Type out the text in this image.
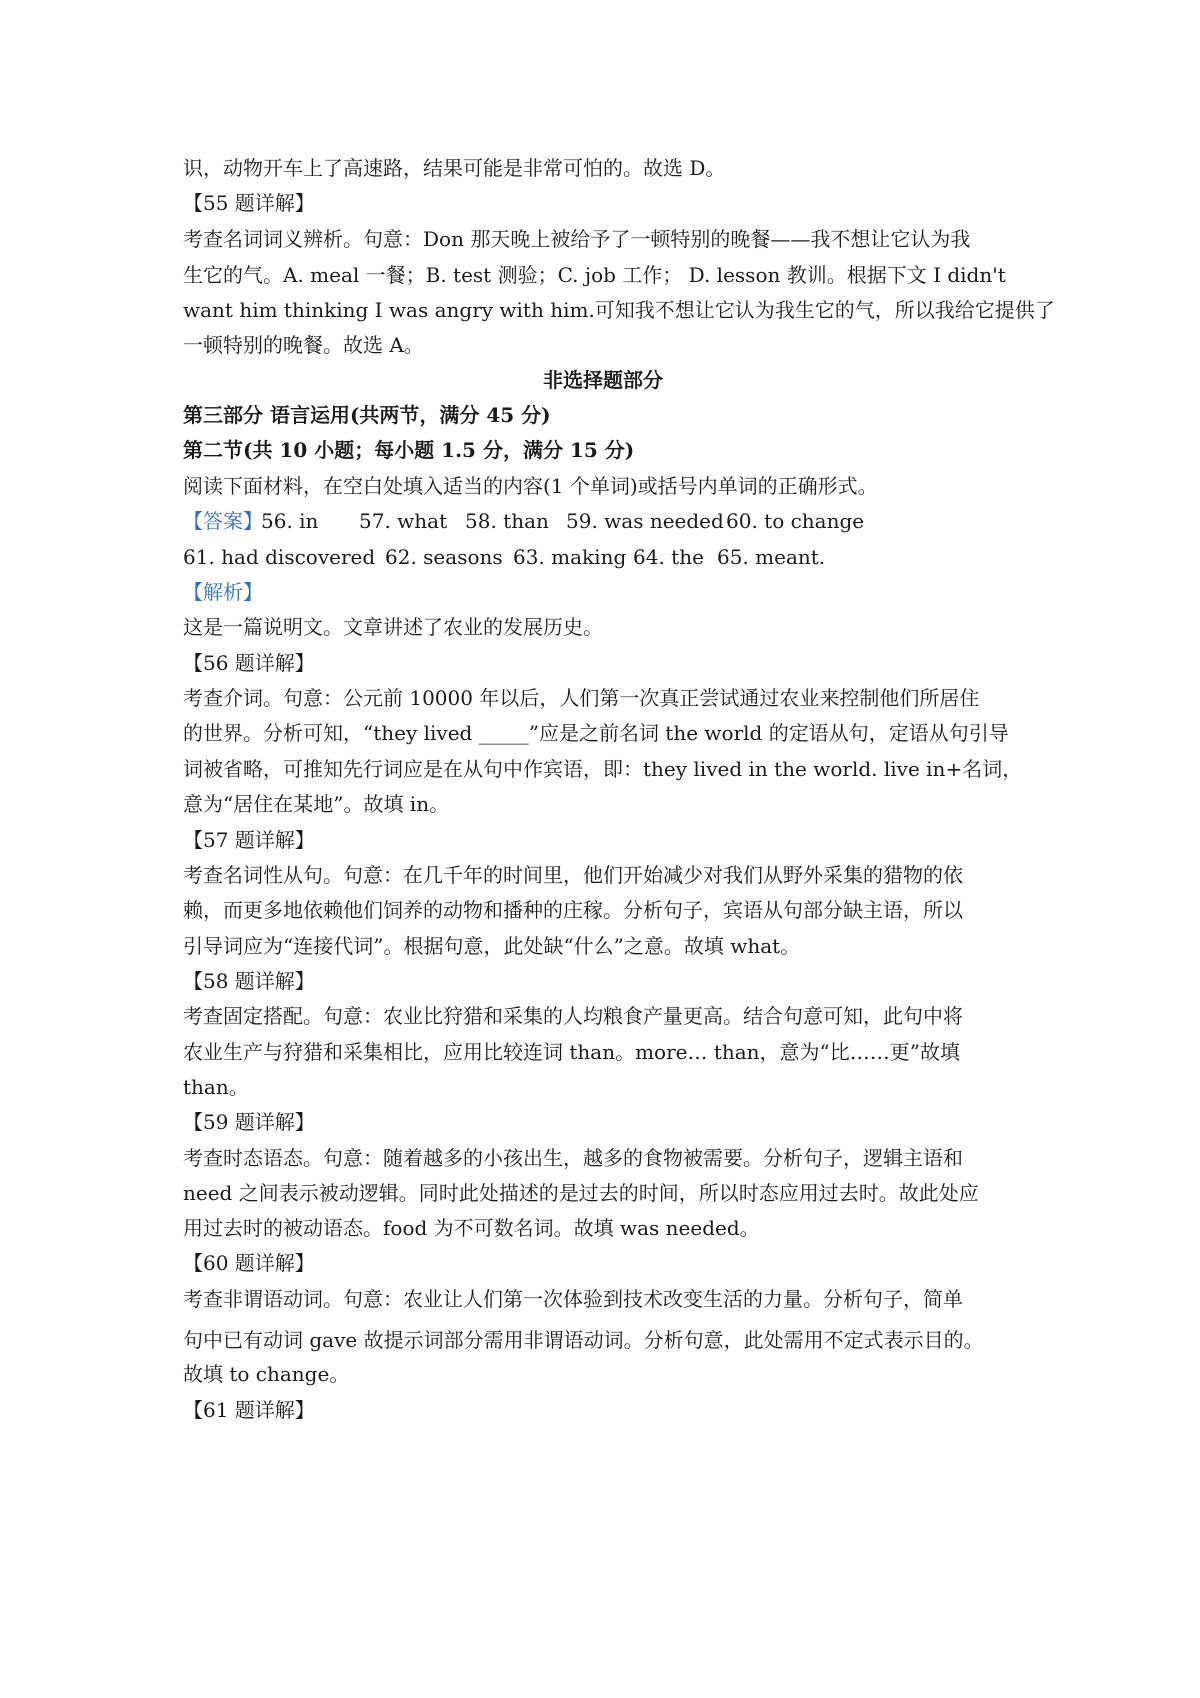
识，动物开车上了高速路，结果可能是非常可怕的。故选 D。
【55 题详解】
考查名词词义辨析。句意：Don 那天晚上被给予了一顿特别的晚餐——我不想让它认为我
生它的气。A. meal 一餐；B. test 测验；C. job 工作； D. lesson 教训。根据下文 I didn't
want him thinking I was angry with him.可知我不想让它认为我生它的气，所以我给它提供了
一顿特别的晚餐。故选 A。
非选择题部分
第三部分 语言运用(共两节，满分 45 分)
第二节(共 10 小题；每小题 1.5 分，满分 15 分)
阅读下面材料，在空白处填入适当的内容(1 个单词)或括号内单词的正确形式。
【答案】
56. in 57. what 58. than 59. was needed 60. to change
61. had discovered 62. seasons 63. making 64. the 65. meant.
【解析】
这是一篇说明文。文章讲述了农业的发展历史。
【56 题详解】
考查介词。句意：公元前 10000 年以后，人们第一次真正尝试通过农业来控制他们所居住
的世界。分析可知，“they lived _____”应是之前名词 the world 的定语从句，定语从句引导
词被省略，可推知先行词应是在从句中作宾语，即：they lived in the world. live in+名词，
意为“居住在某地”。故填 in。
【57 题详解】
考查名词性从句。句意：在几千年的时间里，他们开始减少对我们从野外采集的猎物的依
赖，而更多地依赖他们饲养的动物和播种的庄稼。分析句子，宾语从句部分缺主语，所以
引导词应为“连接代词”。根据句意，此处缺“什么”之意。故填 what。
【58 题详解】
考查固定搭配。句意：农业比狩猎和采集的人均粮食产量更高。结合句意可知，此句中将
农业生产与狩猎和采集相比，应用比较连词 than。more… than，意为“比……更”故填
than。
【59 题详解】
考查时态语态。句意：随着越多的小孩出生，越多的食物被需要。分析句子，逻辑主语和
need 之间表示被动逻辑。同时此处描述的是过去的时间，所以时态应用过去时。故此处应
用过去时的被动语态。food 为不可数名词。故填 was needed。
【60 题详解】
考查非谓语动词。句意：农业让人们第一次体验到技术改变生活的力量。分析句子，简单
句中已有动词 gave 故提示词部分需用非谓语动词。分析句意，此处需用不定式表示目的。
故填 to change。
【61 题详解】
